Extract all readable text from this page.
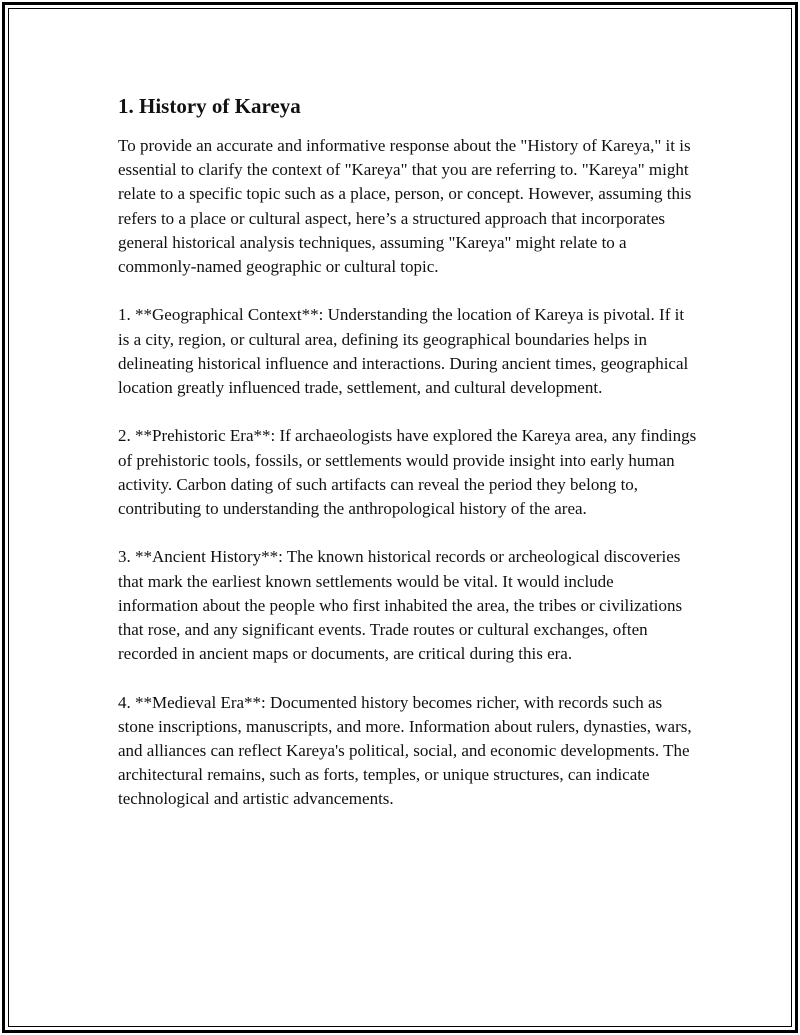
1. History of Kareya

To provide an accurate and informative response about the "History of Kareya," it is essential to clarify the context of "Kareya" that you are referring to. "Kareya" might relate to a specific topic such as a place, person, or concept. However, assuming this refers to a place or cultural aspect, here’s a structured approach that incorporates general historical analysis techniques, assuming "Kareya" might relate to a commonly-named geographic or cultural topic.

1. **Geographical Context**: Understanding the location of Kareya is pivotal. If it is a city, region, or cultural area, defining its geographical boundaries helps in delineating historical influence and interactions. During ancient times, geographical location greatly influenced trade, settlement, and cultural development.

2. **Prehistoric Era**: If archaeologists have explored the Kareya area, any findings of prehistoric tools, fossils, or settlements would provide insight into early human activity. Carbon dating of such artifacts can reveal the period they belong to, contributing to understanding the anthropological history of the area.

3. **Ancient History**: The known historical records or archeological discoveries that mark the earliest known settlements would be vital. It would include information about the people who first inhabited the area, the tribes or civilizations that rose, and any significant events. Trade routes or cultural exchanges, often recorded in ancient maps or documents, are critical during this era.

4. **Medieval Era**: Documented history becomes richer, with records such as stone inscriptions, manuscripts, and more. Information about rulers, dynasties, wars, and alliances can reflect Kareya's political, social, and economic developments. The architectural remains, such as forts, temples, or unique structures, can indicate technological and artistic advancements.
